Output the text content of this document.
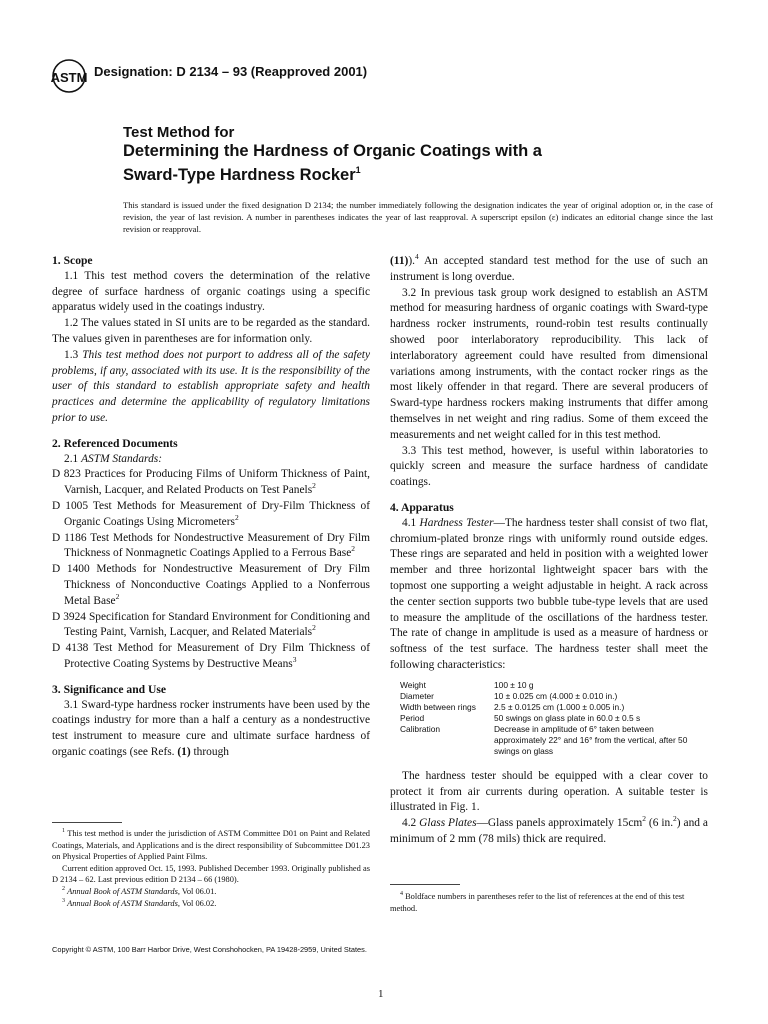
ASTM Designation: D 2134 – 93 (Reapproved 2001)
Test Method for
Determining the Hardness of Organic Coatings with a
Sward-Type Hardness Rocker$^1$
This standard is issued under the fixed designation D 2134; the number immediately following the designation indicates the year of original adoption or, in the case of revision, the year of last revision. A number in parentheses indicates the year of last reapproval. A superscript epsilon (ε) indicates an editorial change since the last revision or reapproval.

1. Scope

1.1 This test method covers the determination of the relative degree of surface hardness of organic coatings using a specific apparatus widely used in the coatings industry.

1.2 The values stated in SI units are to be regarded as the standard. The values given in parentheses are for information only.

1.3 This test method does not purport to address all of the safety problems, if any, associated with its use. It is the responsibility of the user of this standard to establish appropriate safety and health practices and determine the applicability of regulatory limitations prior to use.

2. Referenced Documents

2.1 ASTM Standards:

D 823 Practices for Producing Films of Uniform Thickness of Paint, Varnish, Lacquer, and Related Products on Test Panels$^2$

D 1005 Test Methods for Measurement of Dry-Film Thickness of Organic Coatings Using Micrometers$^2$

D 1186 Test Methods for Nondestructive Measurement of Dry Film Thickness of Nonmagnetic Coatings Applied to a Ferrous Base$^2$

D 1400 Methods for Nondestructive Measurement of Dry Film Thickness of Nonconductive Coatings Applied to a Nonferrous Metal Base$^2$

D 3924 Specification for Standard Environment for Conditioning and Testing Paint, Varnish, Lacquer, and Related Materials$^2$

D 4138 Test Method for Measurement of Dry Film Thickness of Protective Coating Systems by Destructive Means$^3$

3. Significance and Use

3.1 Sward-type hardness rocker instruments have been used by the coatings industry for more than a half a century as a nondestructive test instrument to measure cure and ultimate surface hardness of organic coatings (see Refs. (1) through

(11)).$^4$ An accepted standard test method for the use of such an instrument is long overdue.

3.2 In previous task group work designed to establish an ASTM method for measuring hardness of organic coatings with Sward-type hardness rocker instruments, round-robin test results continually showed poor interlaboratory reproducibility. This lack of interlaboratory agreement could have resulted from dimensional variations among instruments, with the contact rocker rings as the most likely offender in that regard. There are several producers of Sward-type hardness rockers making instruments that differ among themselves in net weight and ring radius. Some of them exceed the measurements and net weight called for in this test method.

3.3 This test method, however, is useful within laboratories to quickly screen and measure the surface hardness of candidate coatings.

4. Apparatus

4.1 Hardness Tester—The hardness tester shall consist of two flat, chromium-plated bronze rings with uniformly round outside edges. These rings are separated and held in position with a weighted lower member and three horizontal lightweight spacer bars with the topmost one supporting a weight adjustable in height. A rack across the center section supports two bubble tube-type levels that are used to measure the amplitude of the oscillations of the hardness tester. The rate of change in amplitude is used as a measure of hardness or softness of the test surface. The hardness tester shall meet the following characteristics:

Weight	100 ± 10 g
Diameter	10 ± 0.025 cm (4.000 ± 0.010 in.)
Width between rings	2.5 ± 0.0125 cm (1.000 ± 0.005 in.)
Period	50 swings on glass plate in 60.0 ± 0.5 s
Calibration	Decrease in amplitude of 6° taken between approximately 22° and 16° from the vertical, after 50 swings on glass

The hardness tester should be equipped with a clear cover to protect it from air currents during operation. A suitable tester is illustrated in Fig. 1.

4.2 Glass Plates—Glass panels approximately $15cm^2$ (6 in.$^2$) and a minimum of 2 mm (78 mils) thick are required.

$^1$ This test method is under the jurisdiction of ASTM Committee D01 on Paint and Related Coatings, Materials, and Applications and is the direct responsibility of Subcommittee D01.23 on Physical Properties of Applied Paint Films.

Current edition approved Oct. 15, 1993. Published December 1993. Originally published as D 2134 – 62. Last previous edition D 2134 – 66 (1980).

$^2$ Annual Book of ASTM Standards, Vol 06.01.

$^3$ Annual Book of ASTM Standards, Vol 06.02.

$^4$ Boldface numbers in parentheses refer to the list of references at the end of this test method.

Copyright © ASTM, 100 Barr Harbor Drive, West Conshohocken, PA 19428-2959, United States.
1
